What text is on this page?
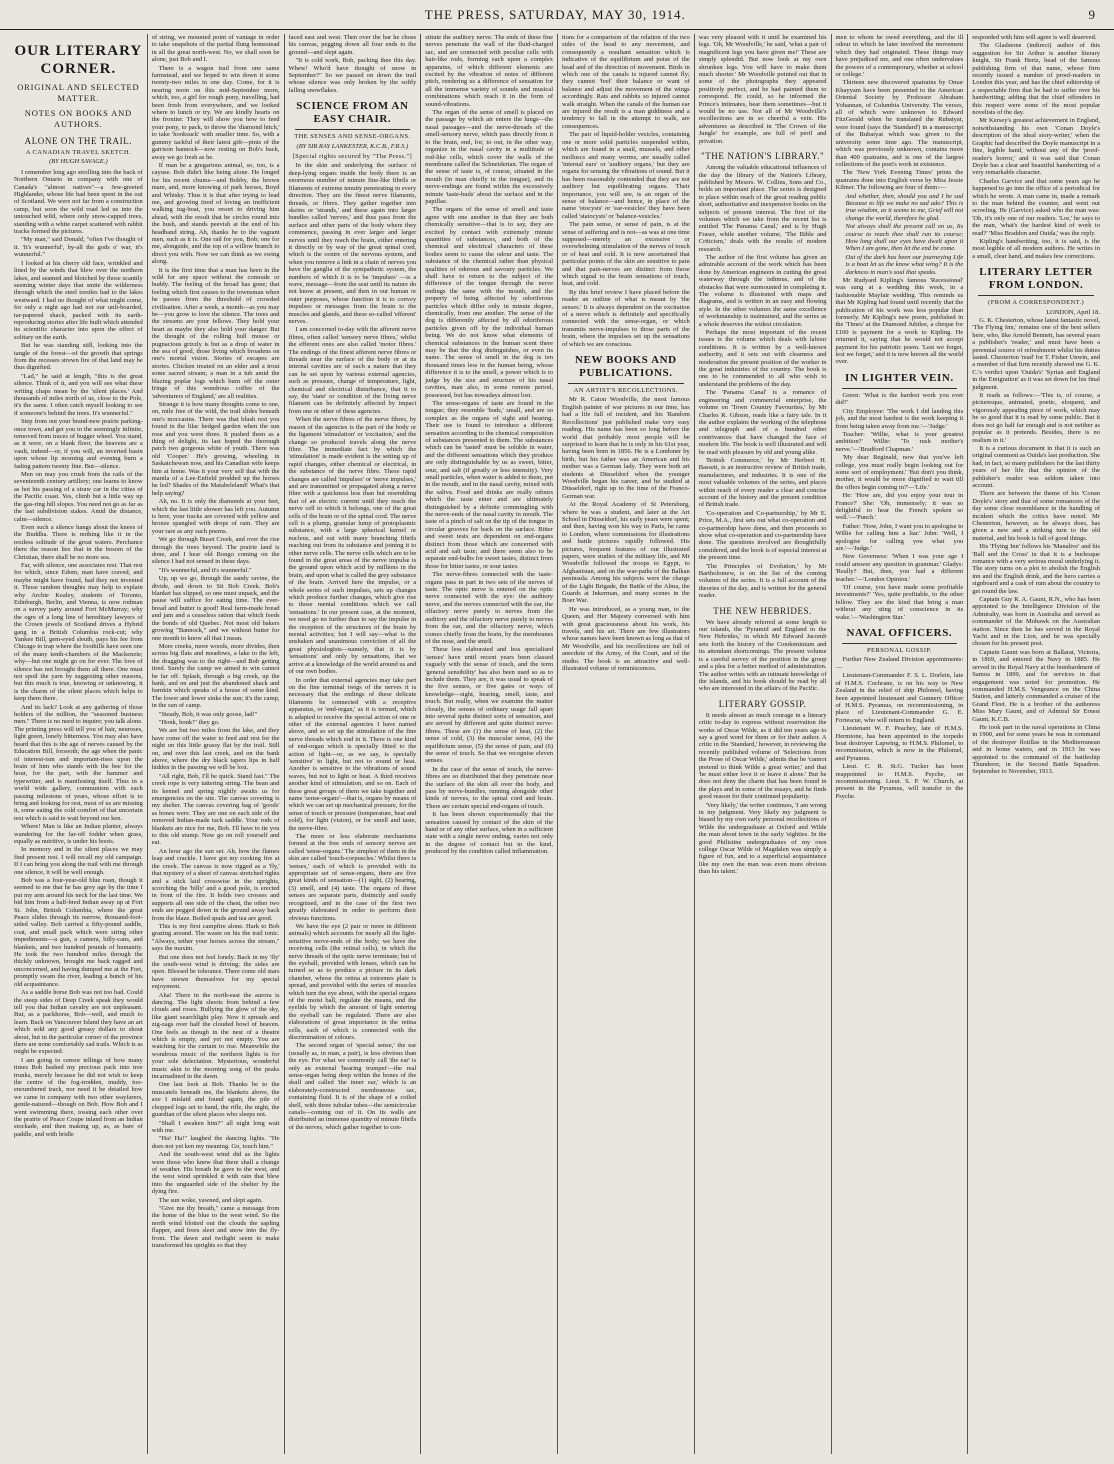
THE PRESS, SATURDAY, MAY 30, 1914.	9
OUR LITERARY CORNER.
ORIGINAL AND SELECTED MATTER.
NOTES ON BOOKS AND AUTHORS.
ALONE ON THE TRAIL.
A CANADIAN TRAVEL SKETCH.
(BY HUGH SAVAGE.)

I remember long ago strolling into the back of Northern Ontario in company with one of Canada's "almost natives"—a Jew-greeted Highlander, whose life had been spent in the out of Scotland. We were not far from a construction camp, but soon the wild road led us into the untouched wild, where only snow-capped trees, standing with a white carpet scattered with rabbit tracks formed the pictures.

"My man," said Donald, "often I've thought of it. 'It's wunnerful', by-all the gods o' war, it's wunnerful."

I looked at his cherry old face, wrinkled and lined by the winds that blew over the northern lakes, and seamed and blotched by those scantily seeming winter days that smite the wilderness through which the steel trestles had to the lakes westward. I had no thought of what might come, for only a night ago had not our unli-boarded, tar-papered shack, packed with its earth-reproducing stories after life built which attended its scientific character into upon the effect of solitary on the earth.

But he was standing still, looking into the tangle of the forest—of the growth that springs from the recesses strewn fire of that land may be thus dignified.

"Lad," he said at length, "this is the great silence. Think of it, and you will see what these writing chaps mean by the 'silent places.' And thousands of miles north of us, close to the Pole, it's the same. I often catch myself looking to see if someone's behind the trees. It's wunnerful."

Step from out your brand-new prairie parking-once town, and get you to the seemingly infinite, removed from traces of bugger wheel. You stand, as it were, on a blank floor, the heavens are a vault, indeed—or, if you will, an inverted basin upon whose lip morning and evening burn a fading pattern twenty fine. But—silence.

Men on may you crush from the rails of the seventeenth century artillery; one learns to know as hot his passing of a straw car in the cities of the Pacific coast. Yes, climb but a little way up the gas-ring hill slopes. You need not go as far as the last subdivision stakes. Amid the distance, calm—silence.

Even such a silence hangs about the knees of the Buddha. There is nothing like it in the restless solitude of the great waters. Perchance there the reason lies that in the bosom of the Christian, there shall be no more sea.

Far, with silence, one associates rest. That rest for which, since Edom, man have craved, and maybe might have found, had they not invented it. Those random thoughts may help to explain why Archie Kealey, students of Toronto, Edinburgh, Berlin, and Vienna, is now rodman on a survey party around Fort McMurray; why the ogre of a long line of hereditary lawyers of the Crown jewels of Scotland drives a Hybrid gang in a British Columbia rock-cut; why Yankee Bill, gem-eyed sleuth, pays his fee from Chicago to trap where the foothills have seen one of the many tenth-chambers of the Mackenzie; why—but one might go on for ever. The love of silence has not brought them all there. One must not spoil the yarn by suggesting other reasons, but this much is true, knowing or unknowing, it is the charm of the silent places which helps to keep them there.

And its lack? Look at any gathering of those holders of the million, the "seasoned business men." There is no need to inquire; you talk alone. The printing press will tell you of hair, neuroses, light green, lonely bitterness. You may also have heard that this is the age of nerves caused by the Education Bill, forsooth; the age when the panic of interest-ism and important-rises upon the brain of him who stands with the bee for the hour, for the part, with the hammer and typewriter, and is manifesting itself. Thus in a world wide gallery, communism with each passing milestone of years, whose effort is to bring and looking for rest, most of us are missing it, some eating the cold comfort of that uncertain rest which is said to wait beyond our ken.

Where! Man is like an Indian planter, always wandering for the far-off fodder when grass, equally as nutritive, is under his boots.

In memory and in the silent places we may find present rest. I will recall my old campaign. If I can bring you along the trail with me through one silence, it will be well enough.

Bob was a four-year-old blue roan, though it seemed to me that he has grey age by the time I put my arm around his neck for the last time. We bid him from a half-bred Indian away up at Fort St. John, British Columbia, where the great Peace slides through its narrow, thousand-foot-sided valley. Bob carried a fifty-pound saddle, coat, and small pack which were string other impediments—a gun, a camera, billy-cans, and blankets, and two hundred pounds of humanity. He took the two hundred miles through the thickly unknown, brought me back ragged and unconcerned, and having dumped me at the Fort, promptly swam the river, leading a bunch of his old acquaintance.

As a saddle horse Bob was not too bad. Could the steep sides of Deep Creek speak they would tell you that Indian cavalry are not unpleasant. But, as a packhorse, Bob—well, and much to learn. Back on Vancouver Island they have an art which sold any good greasy dollars to shout about, but in the particular corner of the province there are none comfortably sad trails. Which is as might be expected.

I am going to censor tellings of how many times Bob bashed my precious pack into tree trunks, merely because he did not wish to keep the centre of the fog-trodden, muddy, too-encumbered track, nor need it be detailed how we came in company with two other wayfarers, gentle-natured—though on Bob. How Bob and I went swimming there, tossing each other over the prairie of Peace Coupe inland from an Indian stockade, and then making up, as, as bare of paddle, and with bridle

of string, we mounted point of vantage in order to take snapshots of the partial flung homestead in all the great north-west. No, we shall soon be alone, just Bob and I.

There is a wagon trail from one same farmstead, and we hoped to win down it some twenty-two miles in one day. Come, for it is nearing noon on this mid-September morn, which, too, a girl for rough pony, travelling, had been fresh from everywhere, and we looked where to lunch or try. We are kindly hearts on the frontier. They will show you how to feed your pony, to pack, to throw the 'diamond hitch,' to take 'hooksuck' with smaller time. So, with a gummy tackful of their latest gift—pints of the garrison bannock—now resting on Bob's back, away we go fresh as he.

If man be a gregarious animal, so, too, is a cayuse. Bob didn't like being alone. He longed for his recent chums—and Bobby, the brown mare, and, more knowing of park horses, Boyd and Whisky. Thus it is that after trying to lead me, and growing tired of loving an inefficient walking tug-boat, you resort to driving him ahead, with the result that he circles round into the bush, and stands peevish at the end of his headband string. Ah, thanks be to the vagrant men, such as it is. One rail for you, Bob; one for me, alongside, and the top of a willow branch to direct you with. Now we can think as we swing along.

It is the first time that a man has been in the wild for any space without the comrade or buddy. The feeling of the broad has gone; that feeling which first causes to the townsman when he passes from the threshold of crowded civilisation. After a week, a month—as you may be—you grow to love the silence. The trees and the streams are your fellows. They hold your heart as maybe they also hold your danger. But the thought of the rolling hull mouse or pugnacious grizzly is but as a drop of water in the sea of good, those living which broadens on one's mortal vision. Stories of escapes are stories. Chicken treated on an elder and a trout some sacred stream; a man in a tub amid the blazing poplar logs which burn off the outer fringe of this wondrous coffee of the 'adventurers of England,' are all realities.

Strange it is how many thoughts come to one, on, mile free of the wild, the trail slides beneath one's moccasins. There was that blush rest you found in the lilac hedged garden when the sun rose and you were three. It pushed them as a thing of delight, its last hoped the thorough patch two gorgeous white of youth. There was old 'Cooper.' He's growing, wheeling in Saskatchewan now, and his Canadian wife keeps him at home. Was it your very self that with the manila of a Lee-Enfield prodded up the horses he led? Shades of the Matabeleland! What's that help saying?

Ah, no. It is only the diamonds at your feet, which the last little shower has left you. Autumn is here, your tracks are covered with yellow and bronze spangled with drops of rain. They are your rare as any such poems.

We go through Buset Creek, and over the rise through the trees beyond. The prairie land is done, and I hear old Bongo coming on the silence I had not sensed in these days.

"It's wunnerful, and it's wunnerful."

Up, up we go, through the sandy ravine, the divide, and down to Sit Bob Creek. Bob's blanket has slipped, so one must unpack, and the pause will suffice for eating time. The ever-bread and butter is good! Real farm-made bread and jam and a ceaseless ration that which feeds the bonds of old Quebec. Not most old bakers growing "Bannock," and we without butter for one month to know all that I mean.

More creeks, more woods, more divides, then across big flats and meadows, a lake to the left, the dragging was to the right—and Bob getting tired. Surely the camp we aimed to win cannot be far off. Splash, through a big creek, up the bank, and on and just the abandoned shack and barnkin which speaks of a house of some kind. The lower and lower sinks the sun; it's the camp, in the sun of camp.

"Steady, Bob, it was only goose, lad!"

"Honk, honk!" they go.

We are but two miles from the lake, and they have come off the water to feed and rest for the night on this little grassy flat by the trail. Still on, and over this last creek, and on the bank above, where the dry black tapers lips in half hidden in the passing we will be lost.

"All right, Bob, I'll be quick. Stand fast." The creek rope is very tattering string. The bean and its kennel and spring nightly awaits us for emergencies on the site. The canvas covering is my shelter. The canvas covering bag of 'goods' as bones were. They are one on each side of the removed Indian-made tack saddle. Your rods of blankets are nice for me, Bob. I'll have to tie you to this old stump. Now go on roll yourself and eat.

An hour ago the sun set. Ah, how the flames leap and crackle. I have got my cooking fire at the creek. The canvas is now rigged as a 'fly,' that mystery of a sheet of canvas stretched rights and a stick laid crosswise in the uprights, scorching the 'billy' and a good pole, is erected in front of the fire. It holds two crosses and supports all one side of the chest, the other two ends are pegged down in the ground away back from the blaze. Boiled spuds and tea are good.

This is my first campfire alone. Hark to Bob grazing around. The waste on his the trail tonic. "Always, tether your horses across the stream," says the maxim.

But one does not feel lonely. Back in my 'fly' the south-west wind is driving; the sides are open. Blessed be tolerance. There come old stars have strewn themselves for my special enjoyment.

Aha! There in the north-east the aurora is dancing. The light shoots from behind a few clouds and roses. Bullying the glow of the sky, like giant searchlight play. Now it spreads and zig-zags over half the clouded bowl of heaven. One feels as though in the nest of a theatre which is empty, and yet not empty. You are watching for the curtain to rise. Meanwhile the wondrous music of the northern lights is for your sole delectation. Mysterious, wonderful music akin to the morning song of the peaks incarnadined in the dawn.

One last look at Bob. Thanks be to the muscatels beneath me, the blankets above, the axe I mislaid and found again, the pile of chopped logs set to hand, the rifle, the night, the guardian of the silent places who sleeps not.

"Shall I awaken him?" all night long wait with me.

"Ha! Ha!" laughed the dancing lights. "He does not yet ken my meaning. Go, touch him."

And the south-west wind did as the lights were those who knew that there shall a change of weather. His breath he gave to the west, and the west wind sprinkled it with rain that blew into the unguarded side of the shelter by the dying fire.

The sun woke, yawned, and slept again.

"Give me thy breath," came a message from the home of the blue to the west wind. So the north wind blotted out the clouds the sapling flapper, and frees sleet and snow into the fly-front. The dawn and twilight seem to make transformed his uprights so that they

faced east and west. Then over the bar he chose his canvas, pegging down all four ends to the ground—and slept again.

"It is cold work, Bob, packing thee this day. Whew! Who'd have thought of snow in September?" So we passed on down the trail whose silence was only broken by the softly falling snowflakes.

SCIENCE FROM AN EASY CHAIR.
THE SENSES AND SENSE-ORGANS.
(BY SIR RAY LANKESTER, K.C.B., F.R.S.)
[Special rights secured by "The Press."]

In the skin and underlying the surface of deep-lying organs inside the body there is an enormous number of minute fine-like fibrils or filaments of extreme tenuity penetrating in every direction. They are the finest nerve filaments, threads, or fibres. They gather together into skeins or 'strands,' and these again into larger bundles called 'nerves,' and thus pass from the surface and other parts of the body where they commence, passing in ever larger and larger nerves until they reach the brain, either entering it directly or by way of the great spinal cord, which is the centre of the nervous system, and when you remove a link in a chain of nerves you have the ganglia of the sympathetic system, the numbers of which it is to be 'impulses' —is a wave, message—from the seat until its nature do not know at present, and then in our human or outer purposes, whose function it is to convey impulses or messages from the brain to the muscles and glands, and these so-called 'efferent' nerves.

I am concerned to-day with the afferent nerve fibres, often called 'sensory nerve fibres,' whilst the efferent ones are also called 'motor fibres.' The endings of the finest afferent nerve fibres or threads near the surface of the body or at its internal cavities are of such a nature that they can be set upon by various external agencies, such as pressure, change of temperature, light, chemical and electrical disturbance, that it to say, the 'state' or condition of the living nerve filament can be definitely affected by impact from one or other of these agencies.

When the nerve fibres of the nerve fibres, by reason of the agencies is the part of the body or the ligament 'stimulation' or 'excitation,' and the change so produced travels along the nerve fibre. The immediate fact by which the 'stimulation' is made evident is the setting up of rapid changes, either chemical or electrical, in the substance of the nerve fibre. These rapid changes are called 'impulses' or 'nerve impulses,' and are transmitted or propagated along a nerve fibre with a quickness less than but resembling that of an electric current until they reach the nerve cell to which it belongs, one of the great cells of the brain or of the spinal cord. The nerve cell is a plump, granular lump of protoplasmic substance, with a large spherical kernel or nucleus, and out with many branching fibrils reaching out from its substance and joining it to other nerve cells. The nerve cells which are to be found in the great areas of the nerve impulse is the ground upon which acid by millions in the brain, and upon what is called the grey substance of the brain. Arrived here the impulse, or a whole series of such impulses, sets up changes which produce further changes, which give rise to those mental conditions which we call 'sensations.' In our present case, at the moment, we need go no further than to say the impulse in the reception of the structures of the brain by mental activities; but I will say—what is the unshaken and unanimous conviction of all the great physiologists—namely, that it is by 'sensations' and only by sensations, that we arrive at a knowledge of the world around us and of our own bodies.

In order that external agencies may take part on the fine terminal twigs of the nerves it is necessary that the endings of these delicate filaments be connected with a receptive apparatus, or 'end-organ,' as it is termed, which is adapted to receive the special action of one or other of the external agencies I have named above, and so set up the stimulation of the fine nerve threads which end in it. There is one kind of end-organ which is specially fitted to the action of light—or, as we say, is specially 'sensitive' to light, but not to sound or heat. Another is sensitive to the vibrations of sound waves, but not to light or heat. A third receives another kind of stimulation, and so on. Each of these great groups of them we take together and name 'sense-organs'—that is, organs by means of which we can set up mechanical pressure, for the sense of touch or pressure (temperature, heat and cold), for light (vision), or for smell and taste, the nerve-fibre.

The more or less elaborate mechanisms formed at the free ends of sensory nerves are called 'sense-organs.' The simplest of them in the skin are called 'touch-corpuscles.' Whilst there is 'senses,' each of which is provided with its appropriate set of sense-organs, there are five great kinds of sensation—(1) sight, (2) hearing, (3) smell, and (4) taste. The organs of these senses are separate parts, distinctly and easily recognised, and in the case of the first two greatly elaborated in order to perform their obvious functions.

We have the eye (2 pair or more in different animals) which accounts for nearly all the light-sensitive nerve-ends of the body; we have the receiving cells (the retinal cells), in which the nerve threads of the optic nerve terminate; but of the eyeball, provided with lenses, which can be turned so as to produce a picture in its dark chamber, whose the retina at extremes plate is spread, and provided with the series of muscles which turn the eye about, with the special organs of the moist ball, regulate the means, and the eyelids by which the amount of light entering the eyeball can be regulated. There are also elaborations of great importance in the retina cells, each of which is connected with the discrimination of colours.

The second organ of 'special sense,' the ear (usually as, in man, a pair), is less obvious than the eye. For what we commonly call 'the ear' is only an external 'hearing trumpet'—the real sense-organ being deep within the bones of the skull and called 'the inner ear,' which is an elaborately-constructed membranous sac, containing fluid. It is of the shape of a coiled shell, with three tubular tubes—the semicircular canals—coming out of it. On its walls are distributed an immense quantity of minute fibrils of the nerves, which gather together to con-

stitute the auditory nerve. The ends of these fine nerves penetrate the wall of the fluid-charged sac, and are connected with peculiar cells with hair-like rods, forming each upon a complex apparatus, of which different elements are excited by the vibration of notes of different pitch, rendering us a difference of sensation for all the immense variety of sounds and musical combinations which reach it in the form of sound-vibrations.

The organ of the sense of smell is placed on the passage by which air enters the lungs—the nasal passages—and the nerve-threads of the smell-sensory nerve, which pass directly from it to the brain, end, for, to out, in the other way, organize in the nasal cavity in a multitude of rod-like cells, which cover the walls of the membrane called the Schneiderian. The organ of the sense of taste is, of course, situated in the mouth (in man chiefly in the tongue), and its nerve-endings are found within the excessively minute 'taste-buds' about the surface and in the papillae.

The organs of the sense of smell and taste agree with one another in that they are both chemically sensitive—that is to say, they are excited by contact with extremely minute quantities of substances, and both of the chemical and electrical characters of these bodies seem to cause the odour and taste. The substance of the chemical rather than physical qualities of odorous and savoury particles. We shall have to return to the subject of the difference of the tongue through the nerve endings the same with the mouth, and the property of being affected by odoriferous particles which differ only in minute degree, chemically, from one another. The sense of the dog is differently affected by all odoriferous particles given off by the individual human being. We do not know what elements of chemical substances in the human scent there may be that the dog distinguishes, or even its name. The sense of smell in the dog is ten thousand times less in the human being, whose difference it is to the smell, a power which is to judge by the size and structure of his nasal cavities, man also, in some remote period, possessed, but has nowadays almost lost.

The sense-organs of taste are found in the tongue; they resemble 'buds,' small, and are so complex as the organs of sight and hearing. Their use is found to introduce a different sensation according to the chemical composition of substances presented to them. The substances which can be 'tasted' must be soluble in water, and the different sensations which they produce are only distinguishable by us as sweet, bitter, sour, and salt (if greatly or less intensity). Very small particles, when water is added to them, put in the mouth, and in the nasal cavity, mixed with the saliva. Food and drinks are really odours which the taste enter and are ultimately distinguished by a definite commingling with the nerve-ends of the nasal cavity in mouth. The taste of a pinch of salt on the tip of the tongue in circular grooves for back on the surface. Bitter and sweet tests are dependent on end-organs distinct from those which are concerned with acid and salt taste; and there seem also to be separate end-bulbs for sweet tastes, distinct from those for bitter tastes, or sour tastes.

The nerve-fibres connected with the taste-organs pass in part in two sets of the nerves of taste. The optic nerve is entered on the optic nerve connected with the eye: the auditory nerve, and the nerves connected with the ear, the olfactory nerve purely to nerves from the auditory and the olfactory nerve purely to nerves from the ear, and the olfactory nerve, which comes chiefly from the brain, by the membranes of the nose, and the smell.

These less elaborated and less specialised 'senses' have until recent years been classed vaguely with the sense of touch, and the term 'general sensibility' has also been used so as to include them. They are, it was usual to speak of the five senses, or five gates or ways of knowledge—sight, hearing, smell, taste, and touch. But really, when we examine the matter closely, the senses of ordinary usage fall apart into several quite distinct sorts of sensation, and are served by different and quite distinct nerve-fibres. These are (1) the sense of heat, (2) the sense of cold, (3) the muscular sense, (4) the equilibrium sense, (5) the sense of pain, and (6) the sense of touch. So that we recognise eleven senses.

In the case of the sense of touch, the nerve-fibres are so distributed that they penetrate near the surface of the skin all over the body, and pass by nerve-bundles, running alongside other kinds of nerves, to the spinal cord and brain. There are certain special end-organs of touch.

It has been shown experimentally that the sensation caused by contact of the skin of the hand or of any other surface, when in a sufficient state with a single nerve ending, varies not only in the degree of contact but in the kind, produced by the condition called inflammation.

tions for a comparison of the relation of the two sides of the head to any movement, and consequently a resultant sensation which is indicative of the equilibrium and poise of the head and of the direction of movement. Birds in which one of the canals is injured cannot fly; they cannot 'feel' their balance or want of balance and adjust the movement of the wings accordingly. Rats and rabbits so injured cannot walk straight. When the canals of the human ear are injured the result is a man giddiness and a tendency to fall in the attempt to walk, are consequences.

The pair of liquid-holder vesicles, containing one or more solid particles suspended within, which are found in a snail, mussels, and other molluscs and many worms, are usually called 'internal ears' or 'auditory organs,' but they are organs for sensing the vibrations of sound. But it has been reasonably contended that they are not auditory but equilibrating organs. Their importance, you will see, is an organ of the sense of balance—and hence, in place of the name 'otocysts' or 'ear-vesicles' they have been called 'statocysts' or 'balance-vesicles.'

The pain sense, or sense of pain, is at the sense of suffering and is not—as was at one time supposed—merely an excessive or overwhelming stimulation of the nerves of touch or of heat and cold. It is now ascertained that particular points of the skin are sensitive to pain and that pain-nerves are distinct from those which signal to the brain sensations of touch, heat, and cold.

By this brief review I have placed before the reader an outline of what is meant by 'the senses.' It is always dependent on the excitation of a nerve which is definitely and specifically connected with the sense-organ, or which transmits nerve-impulses to those parts of the brain, where the impulses set up the sensations of which we are conscious.

NEW BOOKS AND PUBLICATIONS.
AN ARTIST'S RECOLLECTIONS.

Mr R. Caton Woodville, the most famous English painter of war pictures in our time, has had a life full of incident, and his 'Random Recollections' just published make very easy reading. His name has been so long before the world that probably most people will be surprised to learn that he is only in his 61st year, having been born in 1856. He is a Londoner by birth, but his father was an American and his mother was a German lady. They were both art students at Düsseldorf when the younger Woodville began his career, and he studied at Düsseldorf, right up to the time of the Franco-German war.

At the Royal Academy of St Petersburg, where he was a student, and later at the Art School in Düsseldorf, his early years were spent; and then, having won his way to Paris, he came to London, where commissions for illustrations and battle pictures rapidly followed. His pictures, frequent features of our illustrated papers, were studies of the military life, and Mr Woodville followed the troops to Egypt, to Afghanistan, and on the war-paths of the Balkan peninsula. Among his subjects were the charge of the Light Brigade, the Battle of the Alma, the Guards at Inkerman, and many scenes in the Boer War.

He was introduced, as a young man, to the Queen, and Her Majesty conversed with him with great graciousness about his work, his travels, and his art. There are few illustrators whose names have been known as long as that of Mr Woodville, and his recollections are full of anecdote of the Army, of the Court, and of the studio. The book is an attractive and well-illustrated volume of reminiscences.

was very pleased with it until he examined his legs. 'Oh, Mr Woodville,' he said, 'what a pair of magnificent legs you have given me!' These are simply splendid. But now look at my own shrunken legs. You will have to make them much shorter.' Mr Woodville pointed out that in some of the photographs they appeared positively perfect, and he had painted them to correspond. He could, so he informed the Prince's intimates, bear them sometimes—but it would be no use. Not all of Mr Woodville's recollections are in so cheerful a vein. His adventures as described in 'The Crown of the Jungle' for example, are full of peril and privation.

"THE NATION'S LIBRARY."

Among the valuable educational influences of the day the library of the Nation's Library, published by Messrs. W. Collins, Sons and Co., holds an important place. The series is designed to place within reach of the great reading public short, authoritative and inexpensive books on the subjects of present interest. The first of the volumes which we take from the recent list is entitled 'The Panama Canal,' and is by Hugh Fraser, while another volume, 'The Bible and Criticism,' deals with the results of modern research.

The author of the first volume has given an admirable account of the work which has been done by American engineers in cutting the great waterway through the isthmus, and of the obstacles that were surmounted in completing it. The volume is illustrated with maps and diagrams, and is written in an easy and flowing style. In the other volumes the same excellence of workmanship is maintained, and the series as a whole deserves the widest circulation.

Perhaps the most important of the recent issues is the volume which deals with labour conditions. It is written by a well-known authority, and it sets out with clearness and moderation the present position of the worker in the great industries of the country. The book is one to be commended to all who wish to understand the problems of the day.

The 'Panama Canal' is a romance of engineering and commercial enterprise, the volume on 'Town Country Favourites,' by Mr Charles R. Gibson, reads like a fairy tale. In it the author explains the working of the telephone and telegraph and of a hundred other contrivances that have changed the face of modern life. The book is well illustrated and will be read with pleasure by old and young alike.

'British Commerce,' by Mr Herbert H. Bassett, is an instructive review of British trade, manufactures, and industries. It is one of the most valuable volumes of the series, and places within reach of every reader a clear and concise account of the history and the present condition of British trade.

'Co-operation and Co-partnership,' by Mr E. Price, M.A., first sets out what co-operation and co-partnership have done, and then proceeds to show what co-operation and co-partnership have done. The questions involved are thoughtfully considered, and the book is of especial interest at the present time.

'The Principles of Evolution,' by Mr Bartholomew, is on the list of the coming volumes of the series. It is a full account of the theories of the day, and is written for the general reader.

THE NEW HEBRIDES.

We have already referred at some length to our islands, the 'Pyramid and England in the New Hebrides,' in which Mr Edward Jacomb sets forth the history of the Condominium and its attendant shortcomings. The present volume is a careful survey of the position in the group and a plea for a better method of administration. The author writes with an intimate knowledge of the islands, and his book should be read by all who are interested in the affairs of the Pacific.

LITERARY GOSSIP.

It needs almost as much courage in a literary critic to-day to express without reservation the works of Oscar Wilde, as it did ten years ago to say a good word for them or for their author. A critic in the 'Standard,' however, in reviewing the recently published volume of 'Selections from the Prose of Oscar Wilde,' admits that he 'cannot pretend to think Wilde a great writer,' and that 'he must either love it or leave it alone.' But he does not deny the charm that has been found in the plays and in some of the essays, and he finds good reason for their continued popularity.

'Very likely,' the writer continues, 'I am wrong in my judgment. Very likely my judgment is biased by my own early personal recollections of Wilde the undergraduate at Oxford and Wilde the man about town in the early 'eighties. In the good Philistine undergraduates of my own college Oscar Wilde of Magdalen was simply a figure of fun, and to a superficial acquaintance like my own the man was even more obvious than his talent.'

men to whom he owed everything, and the ill odour in which he later involved the movement which they had originated. These things may have prejudiced me, and one often undervalues the powers of a contemporary, whether at school or college.'

Thirteen new discovered quatrains by Omar Khayyam have been presented to the American Oriental Society by Professor Abraham Yohannan, of Columbia University. The verses, all of which were unknown to Edward FitzGerald when he translated the Rubaiyat, were found (says the 'Standard') in a manuscript of the Rubaiyat which was given to the university some time ago. The manuscript, which was previously unknown, contains more than 400 quatrains, and is one of the largest collections of the poet's work in existence.

The 'New York Evening Times' prints the quatrains done into English verse by Miss Jessie Kilmer. The following are four of them:—

And whether, then, should you and I be sad Because to life we make no sad ado? This is true wisdom, as it seems to me, Grief will not change the world, therefore be glad.

Not always shall the present call on us, Its course to reach thee shall run its course; How long shall our eyes have dwelt upon it When I am gone, then let the end be come.

Out of the dark has been our journeying Life is a boat let us the know what wing? It is the darkness in man's soul that speaks.

Mr Rudyard Kipling's famous 'Recessional' was sung at a wedding this week, in a fashionable Mayfair wedding. This reminds us that Mr Kipling had found until recently that the publication of his work was less popular than formerly. Mr Kipling's new poem, published in the 'Times' at the Diamond Jubilee, a cheque for £100 is payment for a work to Kipling. He returned it, saying that he would not accept payment for his patriotic poem. 'Lest we forget, lest we forget,' and it is now known all the world over.

IN LIGHTER VEIN.

Green: 'What is the hardest work you ever did?'

City Employee: 'The work I did landing this job, and the most hardest is the work keeping it from being taken away from me.'—'Judge.'

Teacher: 'Willie, what is your greatest ambition?' Willie: 'To rush mother's nerve.'—'Bradford Chapman.'

'My dear Reginald, now that you've left college, you must really begin looking out for some sort of employment.' 'But don't you think, mother, it would be more dignified to wait till the offers begin coming in?'—'Life.'

He: 'How are, did you enjoy your tour in France?' She: 'Oh, immensely; it was so delightful to hear the French spoken so well.'—'Punch.'

Father: 'Now, John, I want you to apologise to Willie for calling him a liar.' John: 'Well, I apologise for calling you what you are.'—'Judge.'

New Governess: 'When I was your age I could answer any question in grammar.' Gladys: 'Really? But, then, you had a different teacher.'—'London Opinion.'

'Of course, you have made some profitable investments?' 'Yes, quite profitable, to the other fellow. They are the kind that bring a man without any sting of conscience in its wake.'—'Washington Star.'

NAVAL OFFICERS.
PERSONAL GOSSIP.

Further New Zealand Division appointments:—

Lieutenant-Commander F. S. L. Dorlein, late of H.M.S. Cochrane, is on his way to New Zealand in the relief of ship Philomel, having been appointed lieutenant and Gunnery Officer of H.M.S. Pyramus, on recommissioning, in place of Lieutenant-Commander G. E. Fortescue, who will return to England.

Lieutenant W. F. Peachey, late of H.M.S. Hermione, has been appointed to the torpedo boat destroyer Lapwing, to H.M.S. Philomel, to recommission, which is now in the Philomel, and Pyramus.

Lieut. C. R. St.G. Tucker has been reappointed to H.M.S. Psyche, on recommissioning. Lieut. S. P. W. Church, at present in the Pyramus, will transfer to the Psyche.

responded with him will agree is well deserved.

The Gladstone (indirect) author of this suggestion for Sir Arthur is another literary knight, Sir Frank Hertz, head of the famous publishing firm of that name, whose firm recently issued a number of proof-readers in London this year, and has the chief editorship of a respectable firm that he had to suffer over his handwriting; adding that the chief offenders in this respect were some of the most popular novelists of the day.

Mr Kersey's greatest achievement in England, notwithstanding his own 'Conan Doyle's description of the ideal story-writer,' when the Graphic had described the Doyle manuscript in a fine, legible hand, without any of the 'proof-reader's horror,' and it was said that Conan Doyle has a clear and beautiful handwriting of a very remarkable character.

Charles Garvice and that some years ago he happened to go into the office of a periodical for which he wrote. A man came in, made a remark to the man behind the counter, and went out scowling. He (Garvice) asked who the man was: 'Oh, it's only one of our readers. 'Lor,' he says to the man, 'what's the hardest kind of work to read?' 'Miss Braddon and Ouida,' was the reply.

Kipling's handwriting, too, it is said, is the most legible of all modern authors. He writes in a small, clear hand, and makes few corrections.

LITERARY LETTER FROM LONDON.
(FROM A CORRESPONDENT.)
LONDON, April 18.

G. K. Chesterton, whose latest fantastic novel, 'The Flying Inn,' remains one of the best sellers here, who, like Arnold Bennett, has several years a publisher's 'reader,' and must have been a perennial source of refreshment whilst his duties lasted. Chesterton 'read' for T. Fisher Unwin, and a member of that firm recently showed me G. K. C.'s verdict upon 'Ouida's' 'Syrian and England in the Emigration' as it was set down for his final judgment.

It reads as follows:—'This is, of course, a picturesque, animated, poetic, eloquent, and vigorously appealing piece of work, which may be so good that it is read by some public. But it does not go half far enough and is not neither as popular as it pretends. Besides, there is no realism in it.'

It is a curious document in that it is such an original comment as Ouida's last production. She had, in fact, so many publishers for the last thirty years of her life that the opinion of the publisher's reader was seldom taken into account.

There are between the theme of his 'Conan Doyle's' story and that of some romancers of the day some close resemblance in the handling of incident which the critics have noted. Mr Chesterton, however, as he always does, has given a new and a striking turn to the old material, and his book is full of good things.

His 'Flying Inn' follows his 'Manalive' and his 'Ball and the Cross' in that it is a burlesque romance with a very serious moral underlying it. The story turns on a plot to abolish the English inn and the English drink, and the hero carries a signboard and a cask of rum about the country to get round the law.

Captain Guy R. A. Gaunt, R.N., who has been appointed to the Intelligence Division of the Admiralty, was born in Australia and served as commander of the Mohawk on the Australian station. Since then he has served in the Royal Yacht and in the Lion, and he was specially chosen for his present post.

Captain Gaunt was born at Ballarat, Victoria, in 1869, and entered the Navy in 1885. He served in the Royal Navy at the bombardment of Samoa in 1899, and for services in that engagement was noted for promotion. He commanded H.M.S. Vengeance on the China Station, and latterly commanded a cruiser of the Grand Fleet. He is a brother of the authoress Miss Mary Gaunt, and of Admiral Sir Ernest Gaunt, K.C.B.

He took part in the naval operations in China in 1900, and for some years he was in command of the destroyer flotillas in the Mediterranean and in home waters, and in 1913 he was appointed to the command of the battleship Thunderer, in the Second Battle Squadron. September to November, 1913.
